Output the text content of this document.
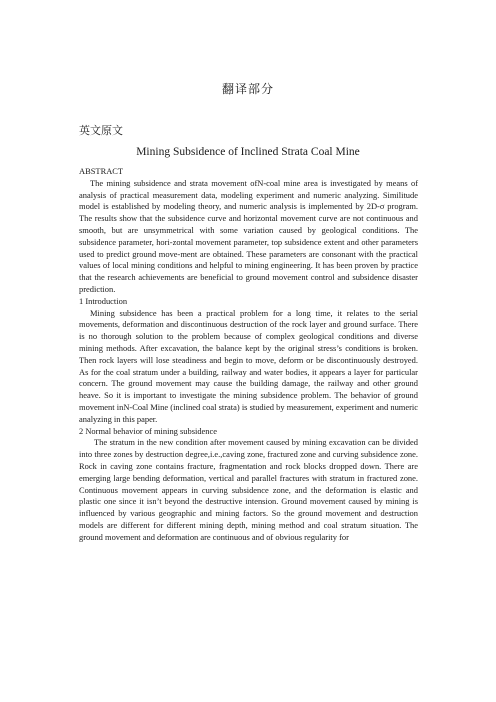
翻译部分
英文原文
Mining Subsidence of Inclined Strata Coal Mine

ABSTRACT

The mining subsidence and strata movement ofN-coal mine area is investigated by means of analysis of practical measurement data, modeling experiment and numeric analyzing. Similitude model is established by modeling theory, and numeric analysis is implemented by 2D-σ program. The results show that the subsidence curve and horizontal movement curve are not continuous and smooth, but are unsymmetrical with some variation caused by geological conditions. The subsidence parameter, hori-zontal movement parameter, top subsidence extent and other parameters used to predict ground move-ment are obtained. These parameters are consonant with the practical values of local mining conditions and helpful to mining engineering. It has been proven by practice that the research achievements are beneficial to ground movement control and subsidence disaster prediction.

1 Introduction

Mining subsidence has been a practical problem for a long time, it relates to the serial movements, deformation and discontinuous destruction of the rock layer and ground surface. There is no thorough solution to the problem because of complex geological conditions and diverse mining methods. After excavation, the balance kept by the original stress’s conditions is broken. Then rock layers will lose steadiness and begin to move, deform or be discontinuously destroyed. As for the coal stratum under a building, railway and water bodies, it appears a layer for particular concern. The ground movement may cause the building damage, the railway and other ground heave. So it is important to investigate the mining subsidence problem. The behavior of ground movement inN-Coal Mine (inclined coal strata) is studied by measurement, experiment and numeric analyzing in this paper.

2 Normal behavior of mining subsidence

The stratum in the new condition after movement caused by mining excavation can be divided into three zones by destruction degree,i.e.,caving zone, fractured zone and curving subsidence zone. Rock in caving zone contains fracture, fragmentation and rock blocks dropped down. There are emerging large bending deformation, vertical and parallel fractures with stratum in fractured zone. Continuous movement appears in curving subsidence zone, and the deformation is elastic and plastic one since it isn’t beyond the destructive intension. Ground movement caused by mining is influenced by various geographic and mining factors. So the ground movement and destruction models are different for different mining depth, mining method and coal stratum situation. The ground movement and deformation are continuous and of obvious regularity for
